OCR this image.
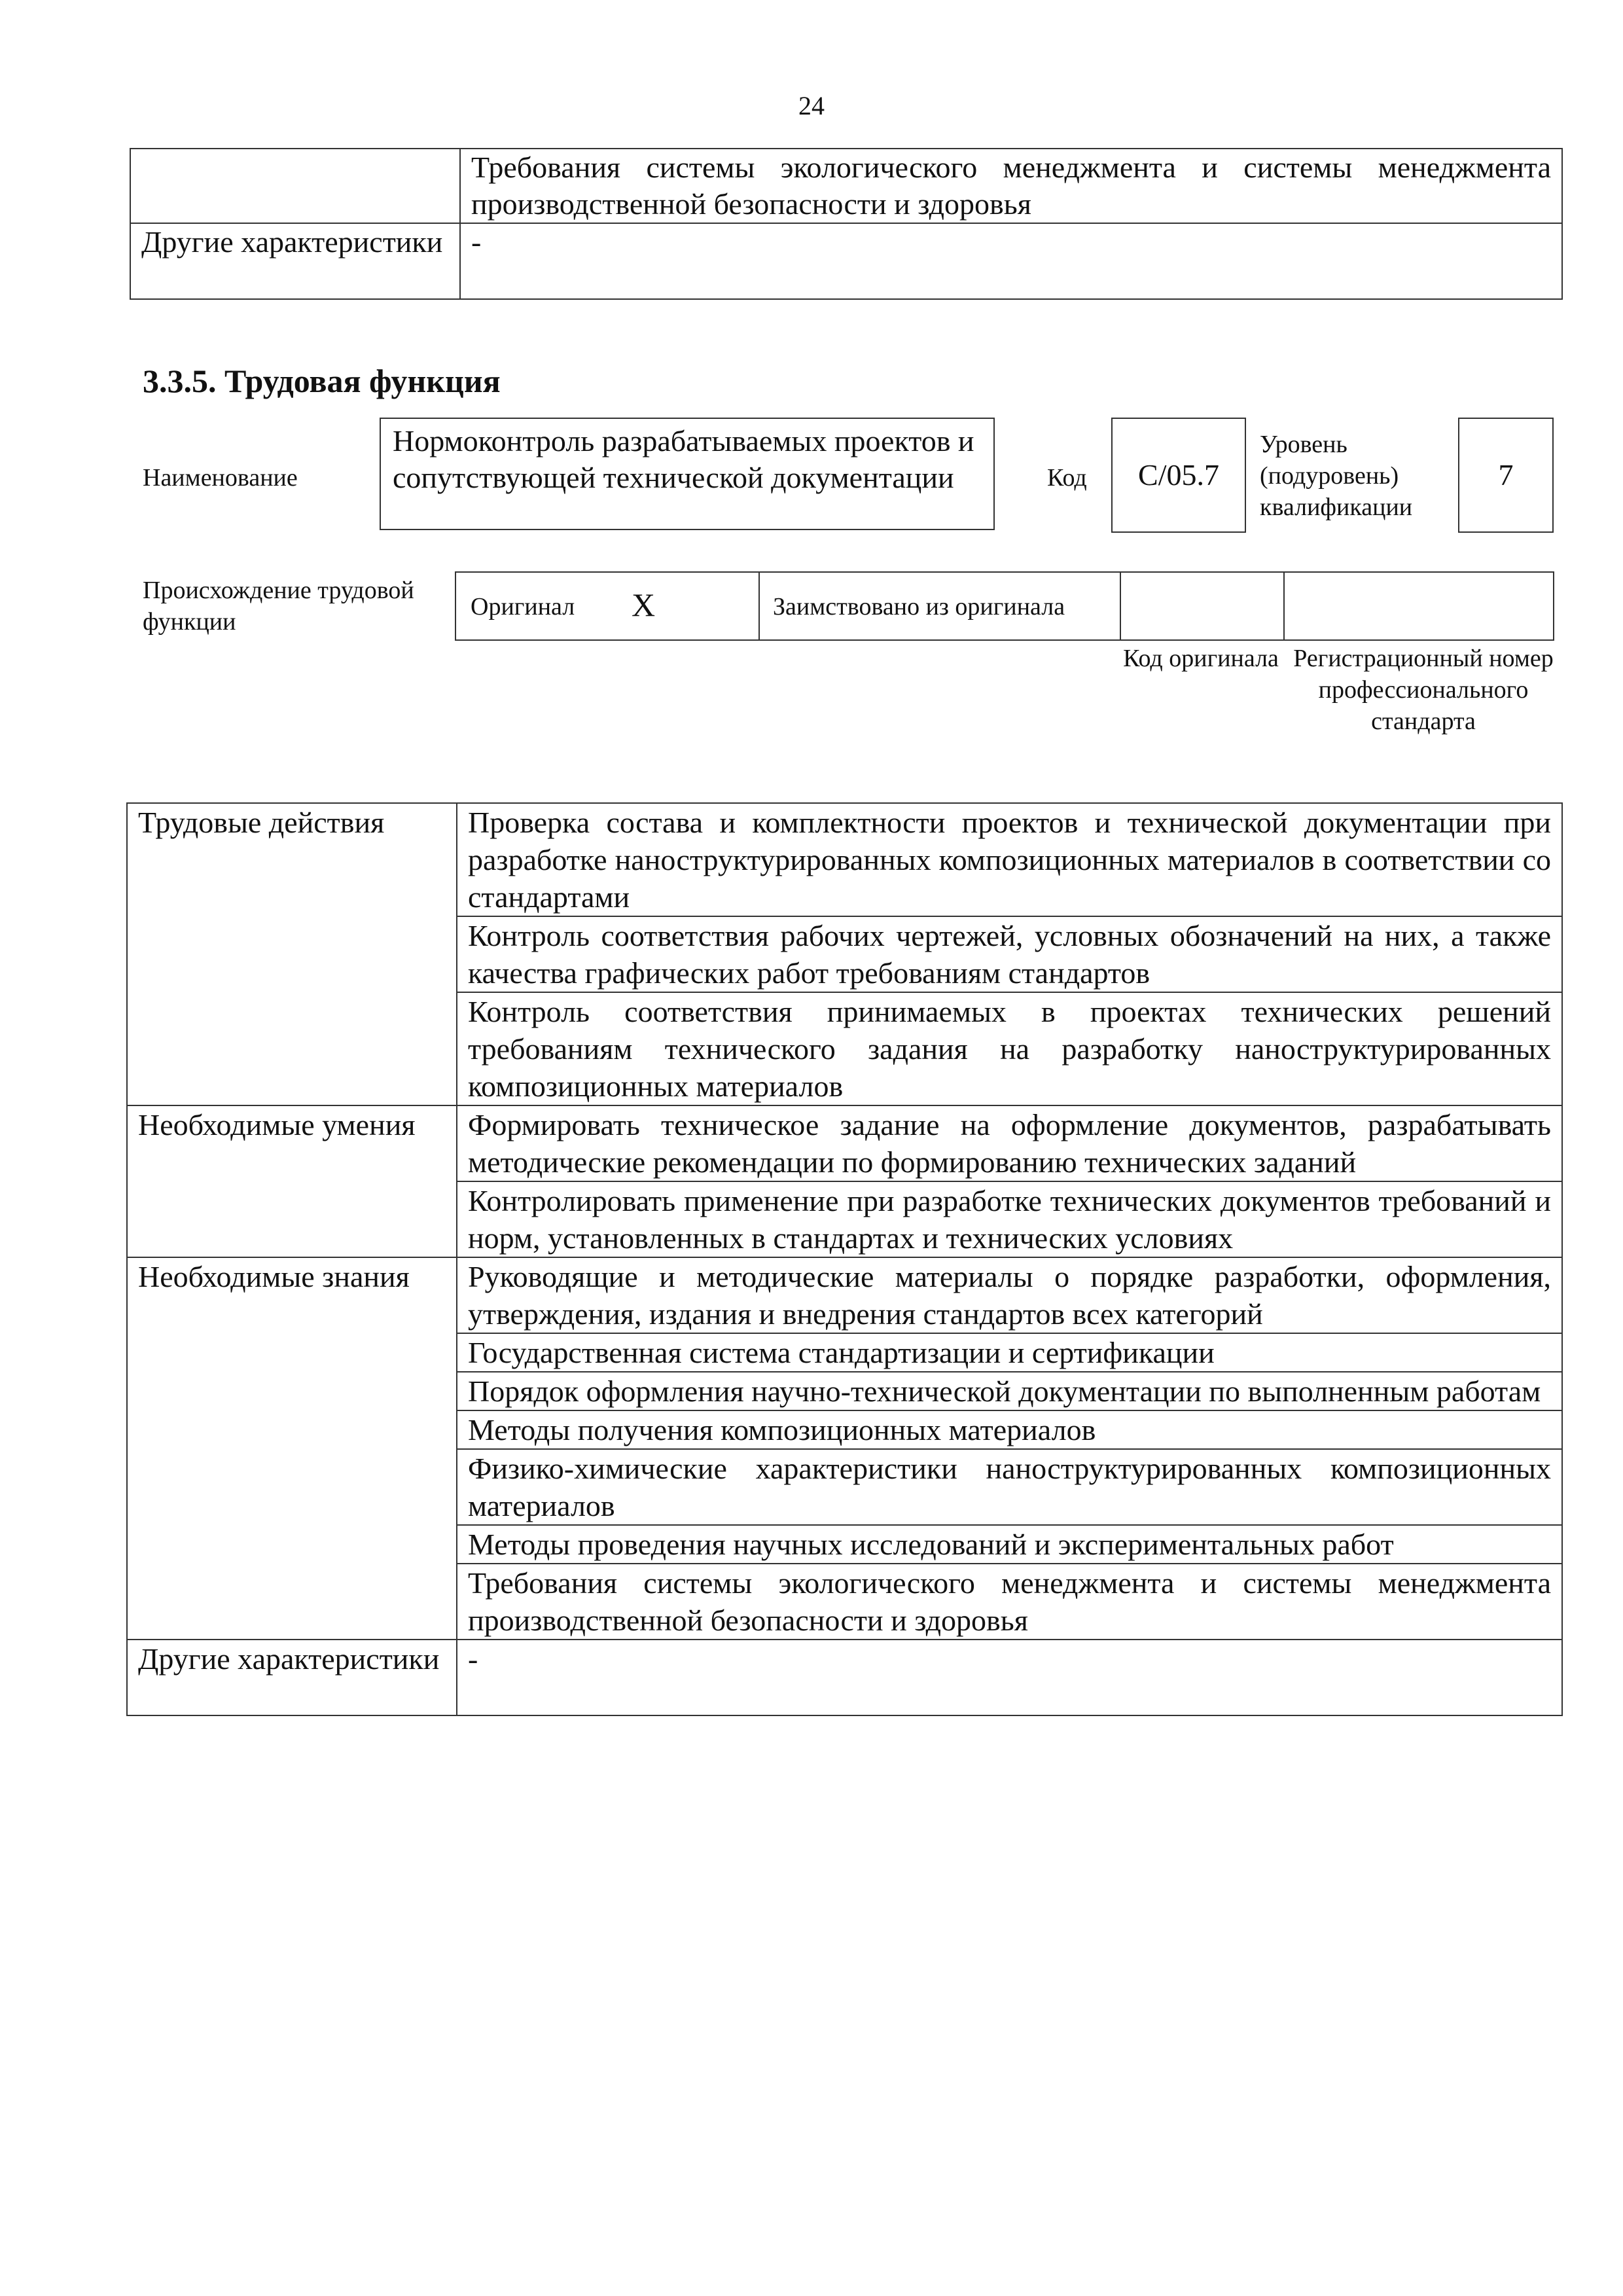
24
	Требования системы экологического менеджмента и системы менеджмента производственной безопасности и здоровья
Другие характеристики	-
3.3.5. Трудовая функция
Наименование
Нормоконтроль разрабатываемых проектов и сопутствующей технической документации	Код	С/05.7
Уровень (подуровень) квалификации
7
Происхождение трудовой функции
Оригинал X	Заимствовано из оригинала
Код оригинала Регистрационный номер профессионального стандарта
Трудовые действия	Проверка состава и комплектности проектов и технической документации при разработке наноструктурированных композиционных материалов в соответствии со стандартами
	Контроль соответствия рабочих чертежей, условных обозначений на них, а также качества графических работ требованиям стандартов
	Контроль соответствия принимаемых в проектах технических решений требованиям технического задания на разработку наноструктурированных композиционных материалов
Необходимые умения	Формировать техническое задание на оформление документов, разрабатывать методические рекомендации по формированию технических заданий
	Контролировать применение при разработке технических документов требований и норм, установленных в стандартах и технических условиях
Необходимые знания	Руководящие и методические материалы о порядке разработки, оформления, утверждения, издания и внедрения стандартов всех категорий
	Государственная система стандартизации и сертификации
	Порядок оформления научно-технической документации по выполненным работам
	Методы получения композиционных материалов
	Физико-химические характеристики наноструктурированных композиционных материалов
	Методы проведения научных исследований и экспериментальных работ
	Требования системы экологического менеджмента и системы менеджмента производственной безопасности и здоровья
Другие характеристики	-
